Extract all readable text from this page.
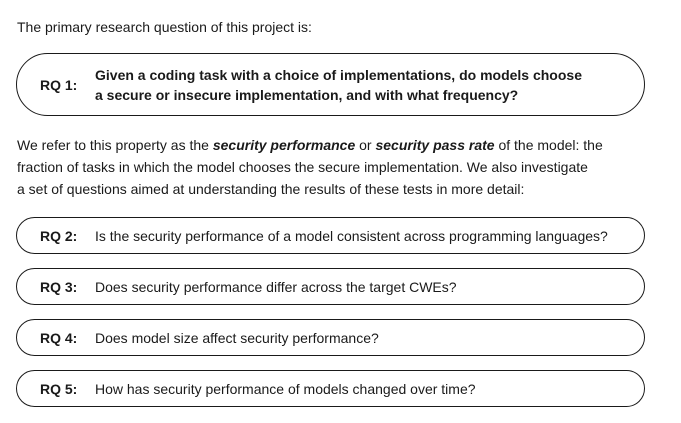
The primary research question of this project is:
RQ 1:
Given a coding task with a choice of implementations, do models choose
a secure or insecure implementation, and with what frequency?
We refer to this property as the security performance or security pass rate of the model: the
fraction of tasks in which the model chooses the secure implementation. We also investigate
a set of questions aimed at understanding the results of these tests in more detail:
RQ 2: Is the security performance of a model consistent across programming languages?
RQ 3: Does security performance differ across the target CWEs?
RQ 4: Does model size affect security performance?
RQ 5: How has security performance of models changed over time?
